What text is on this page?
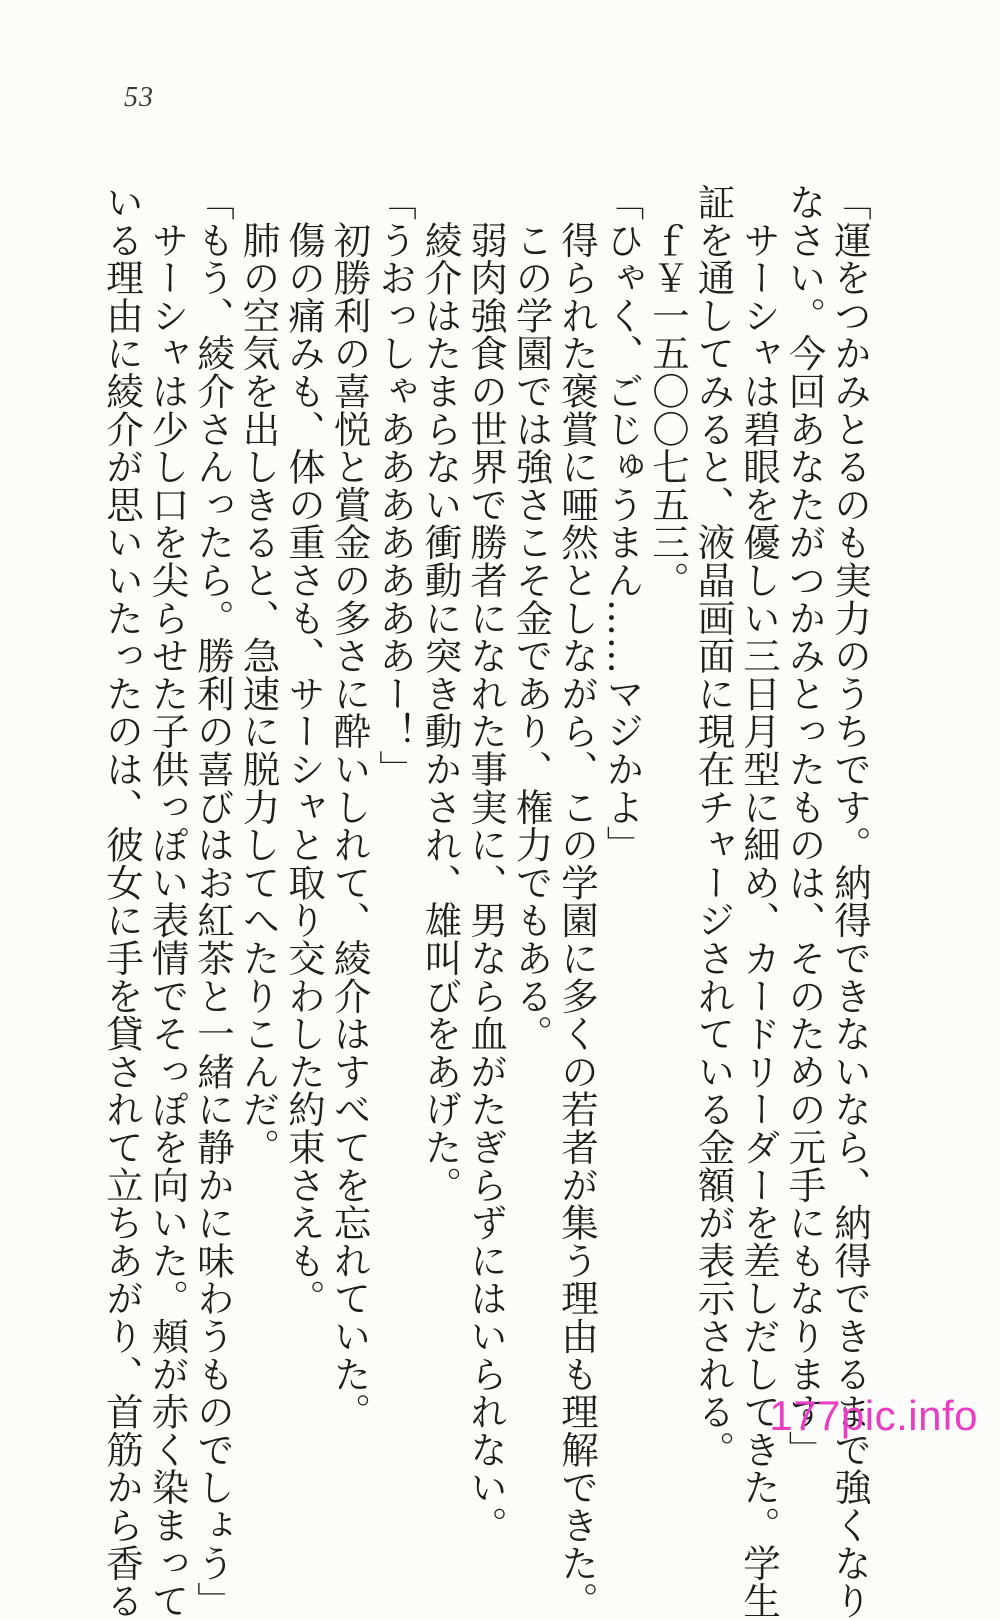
53

「運をつかみとるのも実力のうちです。納得できないなら、納得できるまで強くなり

なさい。今回あなたがつかみとったものは、そのための元手にもなります」

　サーシャは碧眼を優しい三日月型に細め、カードリーダーを差しだしてきた。学生

証を通してみると、液晶画面に現在チャージされている金額が表示される。

　ｆ￥一五〇〇七五三。

「ひゃく、ごじゅうまん……マジかよ」

　得られた褒賞に唖然としながら、この学園に多くの若者が集う理由も理解できた。

　この学園では強さこそ金であり、権力でもある。

　弱肉強食の世界で勝者になれた事実に、男なら血がたぎらずにはいられない。

　綾介はたまらない衝動に突き動かされ、雄叫びをあげた。

「うおっしゃあああああああー！」

　初勝利の喜悦と賞金の多さに酔いしれて、綾介はすべてを忘れていた。

　傷の痛みも、体の重さも、サーシャと取り交わした約束さえも。

　肺の空気を出しきると、急速に脱力してへたりこんだ。

「もう、綾介さんったら。勝利の喜びはお紅茶と一緒に静かに味わうものでしょう」

　サーシャは少し口を尖らせた子供っぽい表情でそっぽを向いた。頬が赤く染まって

いる理由に綾介が思いいたったのは、彼女に手を貸されて立ちあがり、首筋から香る	177pic.info
